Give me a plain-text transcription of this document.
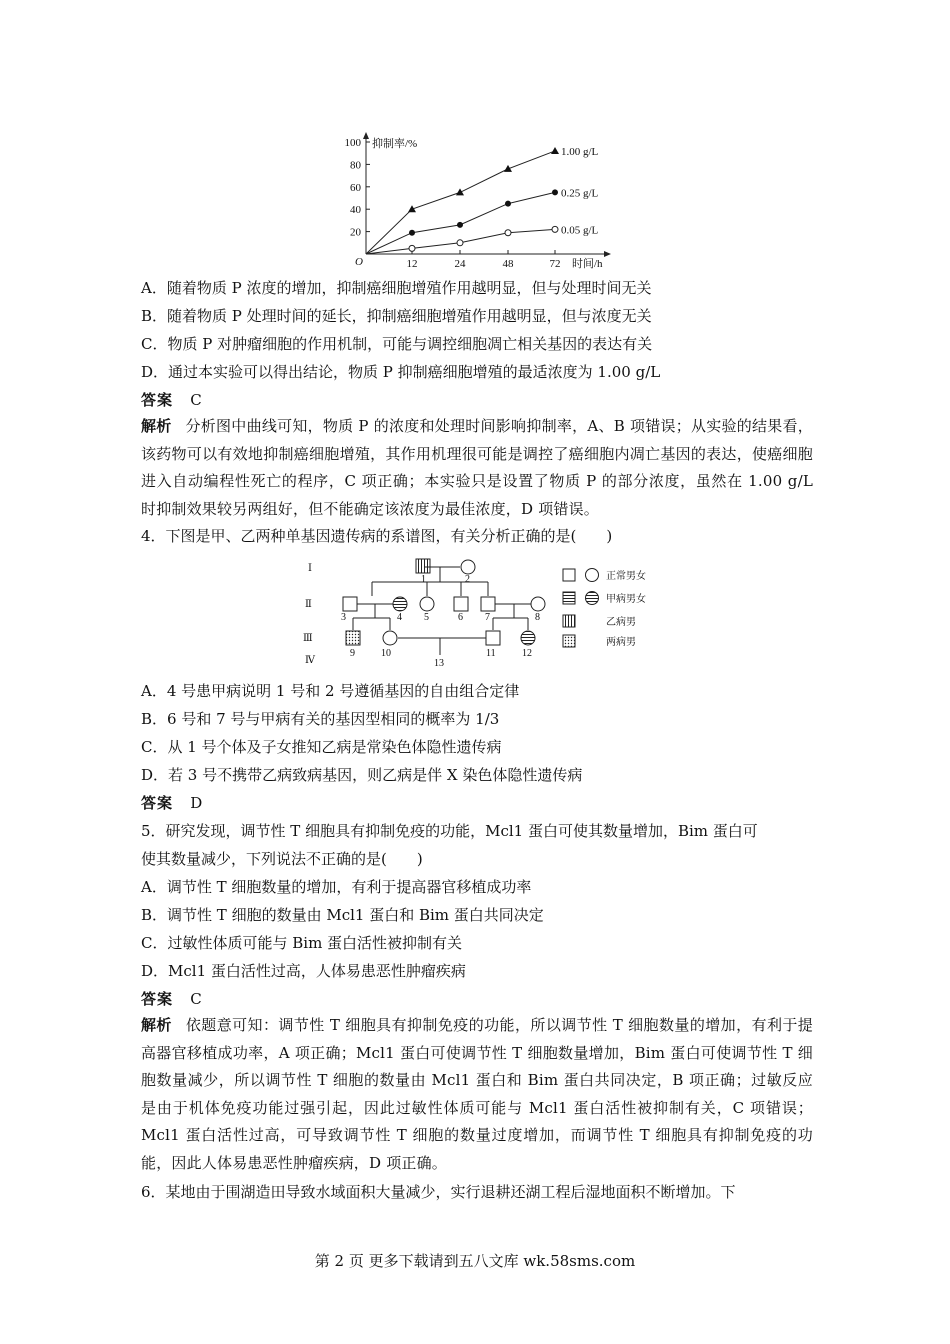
20
40
60
80
100
12	24	48	72
O
抑制率/%
时间/h
1.00 g/L
0.25 g/L
0.05 g/L
A．随着物质 P 浓度的增加，抑制癌细胞增殖作用越明显，但与处理时间无关
B．随着物质 P 处理时间的延长，抑制癌细胞增殖作用越明显，但与浓度无关
C．物质 P 对肿瘤细胞的作用机制，可能与调控细胞凋亡相关基因的表达有关
D．通过本实验可以得出结论，物质 P 抑制癌细胞增殖的最适浓度为 1.00 g/L
答案 C
解析 分析图中曲线可知，物质 P 的浓度和处理时间影响抑制率，A、B 项错误；从实验的结果看，该药物可以有效地抑制癌细胞增殖，其作用机理很可能是调控了癌细胞内凋亡基因的表达，使癌细胞进入自动编程性死亡的程序，C 项正确；本实验只是设置了物质 P 的部分浓度，虽然在 1.00 g/L 时抑制效果较另两组好，但不能确定该浓度为最佳浓度，D 项错误。
4．下图是甲、乙两种单基因遗传病的系谱图，有关分析正确的是(　　)
Ⅰ
Ⅱ
Ⅲ
Ⅳ
1	2
3	4 5	6 7	8
9	10	11	12
13
正常男女
甲病男女
乙病男
两病男
A．4 号患甲病说明 1 号和 2 号遵循基因的自由组合定律
B．6 号和 7 号与甲病有关的基因型相同的概率为 1/3
C．从 1 号个体及子女推知乙病是常染色体隐性遗传病
D．若 3 号不携带乙病致病基因，则乙病是伴 X 染色体隐性遗传病
答案 D
5．研究发现，调节性 T 细胞具有抑制免疫的功能，Mcl1 蛋白可使其数量增加，Bim 蛋白可
使其数量减少，下列说法不正确的是(　　)
A．调节性 T 细胞数量的增加，有利于提高器官移植成功率
B．调节性 T 细胞的数量由 Mcl1 蛋白和 Bim 蛋白共同决定
C．过敏性体质可能与 Bim 蛋白活性被抑制有关
D．Mcl1 蛋白活性过高，人体易患恶性肿瘤疾病
答案 C
解析 依题意可知：调节性 T 细胞具有抑制免疫的功能，所以调节性 T 细胞数量的增加，有利于提高器官移植成功率，A 项正确；Mcl1 蛋白可使调节性 T 细胞数量增加，Bim 蛋白可使调节性 T 细胞数量减少，所以调节性 T 细胞的数量由 Mcl1 蛋白和 Bim 蛋白共同决定，B 项正确；过敏反应是由于机体免疫功能过强引起，因此过敏性体质可能与 Mcl1 蛋白活性被抑制有关，C 项错误；Mcl1 蛋白活性过高，可导致调节性 T 细胞的数量过度增加，而调节性 T 细胞具有抑制免疫的功能，因此人体易患恶性肿瘤疾病，D 项正确。
6．某地由于围湖造田导致水域面积大量减少，实行退耕还湖工程后湿地面积不断增加。下
第 2 页 更多下载请到五八文库 wk.58sms.com
